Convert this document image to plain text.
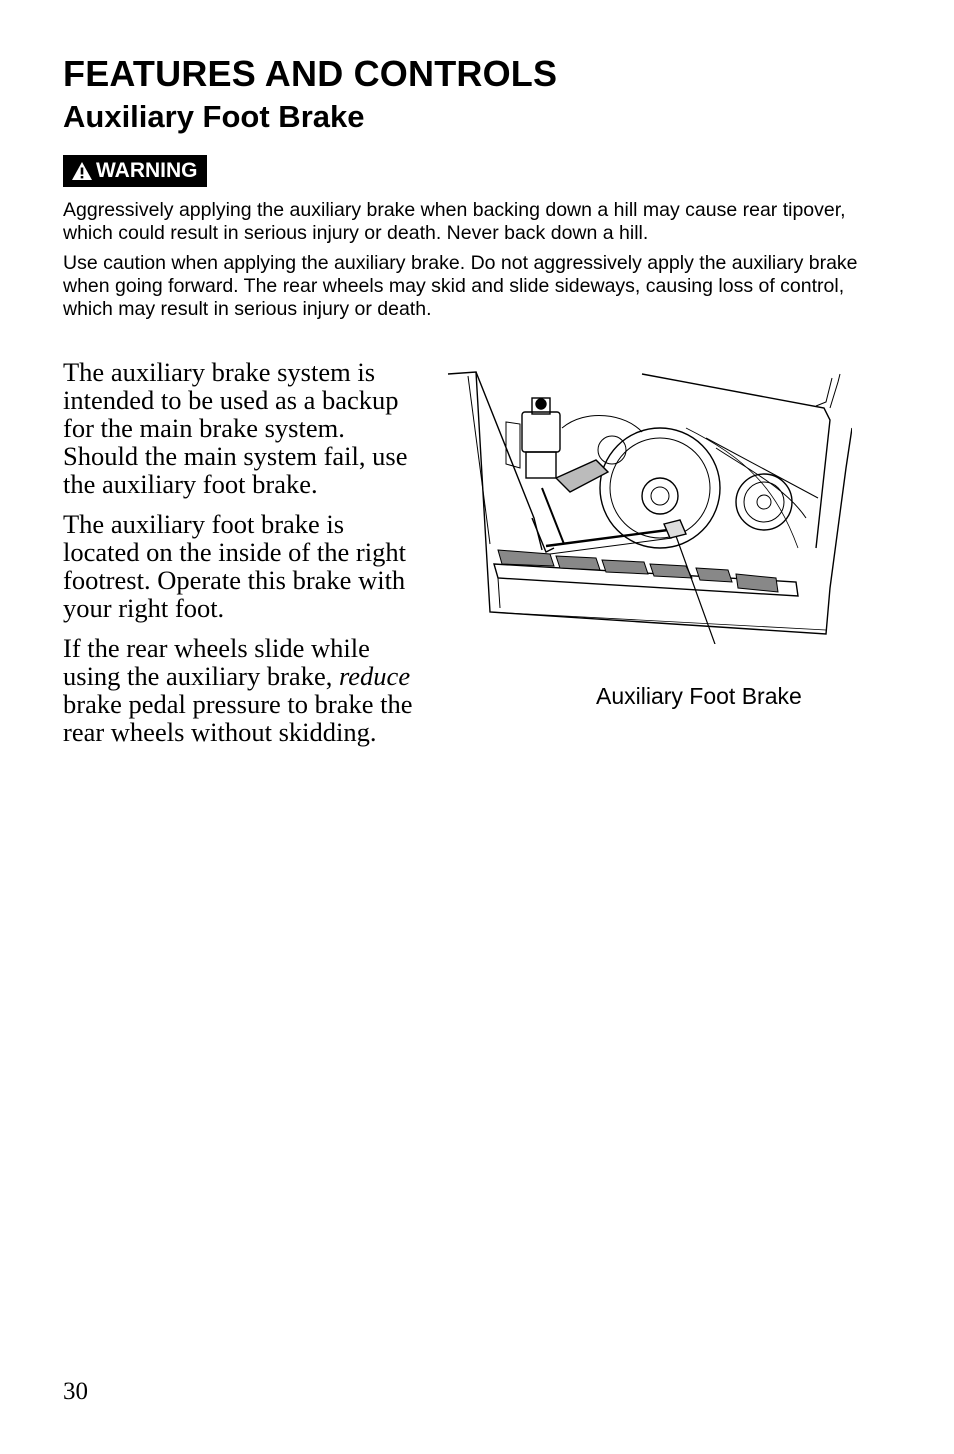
FEATURES AND CONTROLS
Auxiliary Foot Brake
WARNING

Aggressively applying the auxiliary brake when backing down a hill may cause rear tipover, which could result in serious injury or death. Never back down a hill.

Use caution when applying the auxiliary brake. Do not aggressively apply the auxiliary brake when going forward. The rear wheels may skid and slide sideways, causing loss of control, which may result in serious injury or death.

The auxiliary brake system is intended to be used as a backup for the main brake system. Should the main system fail, use the auxiliary foot brake.

The auxiliary foot brake is located on the inside of the right footrest. Operate this brake with your right foot.

If the rear wheels slide while using the auxiliary brake, reduce brake pedal pressure to brake the rear wheels without skidding.

Auxiliary Foot Brake
30
